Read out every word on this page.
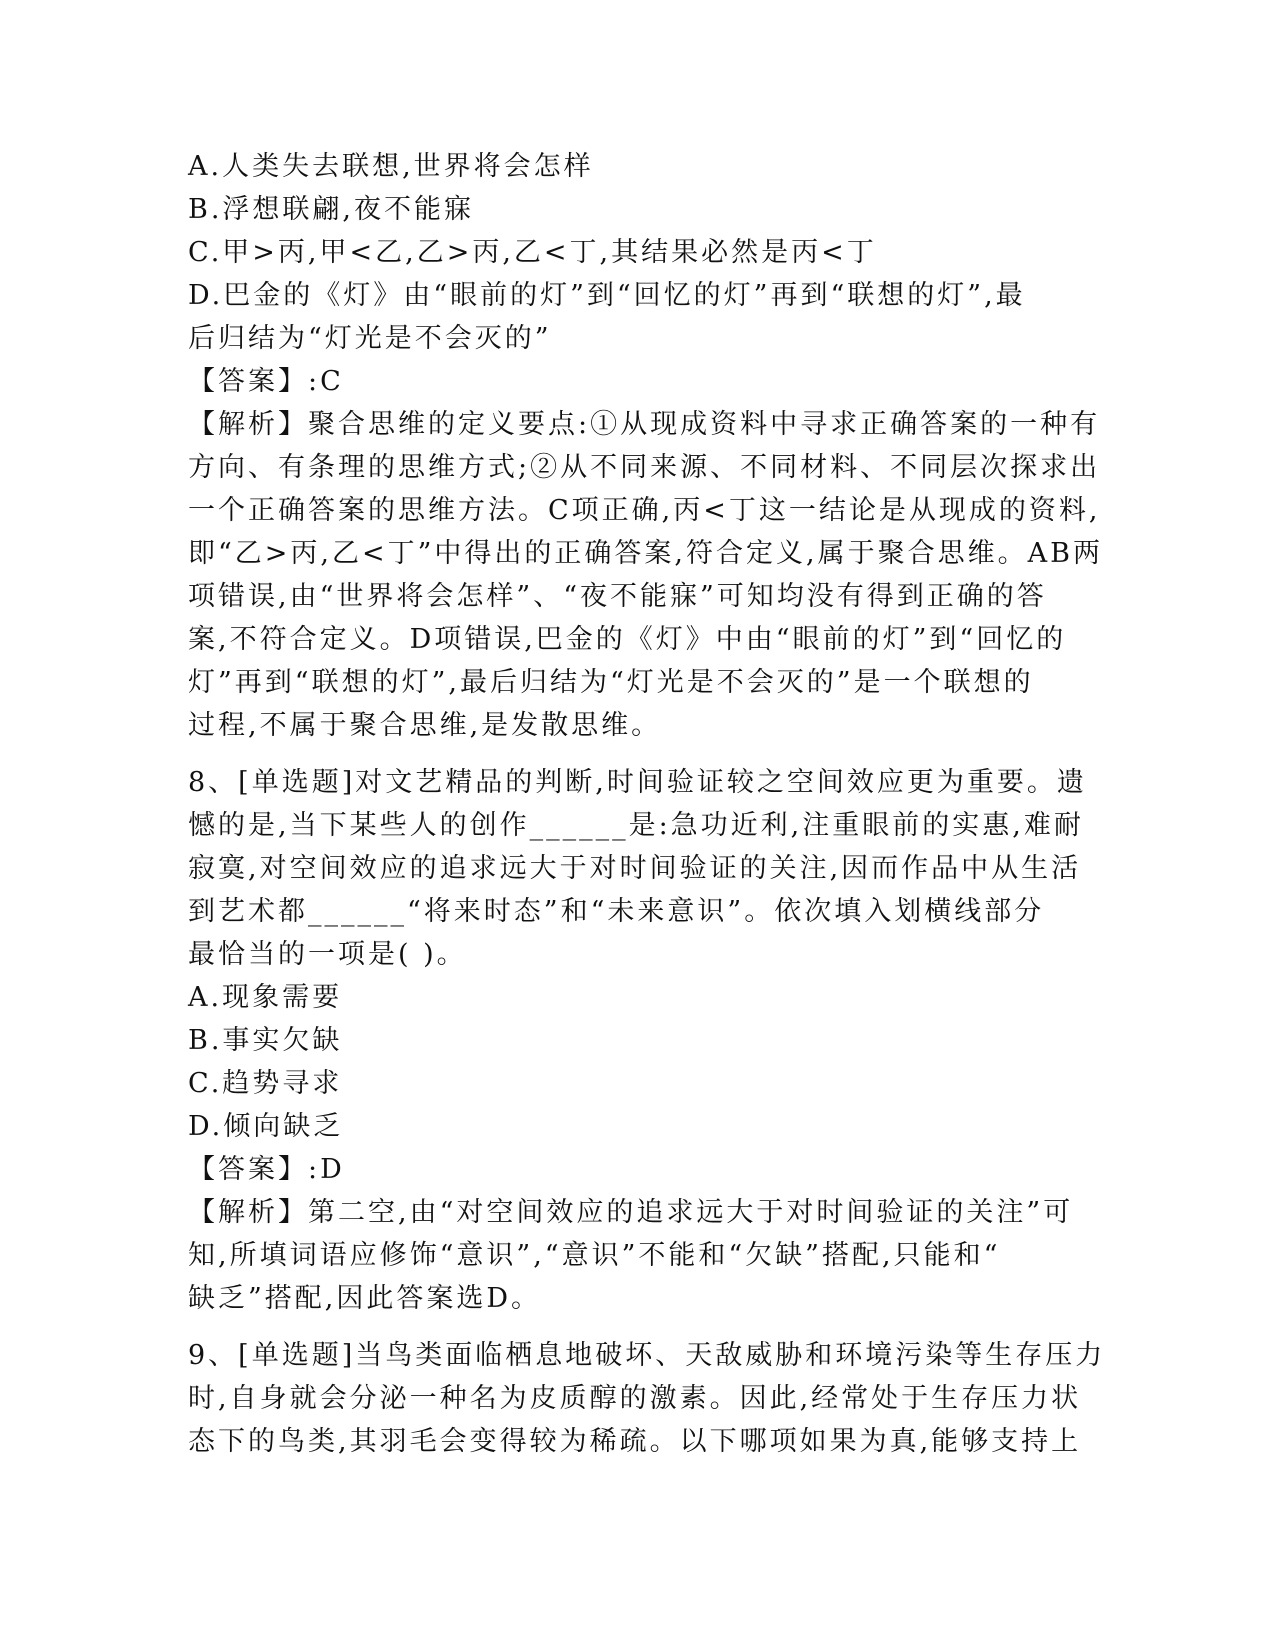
A.人类失去联想,世界将会怎样
B.浮想联翩,夜不能寐
C.甲>丙,甲<乙,乙>丙,乙<丁,其结果必然是丙<丁
D.巴金的《灯》由“眼前的灯”到“回忆的灯”再到“联想的灯”,最
后归结为“灯光是不会灭的”
【答案】:C
【解析】聚合思维的定义要点:①从现成资料中寻求正确答案的一种有
方向、有条理的思维方式;②从不同来源、不同材料、不同层次探求出
一个正确答案的思维方法。C项正确,丙<丁这一结论是从现成的资料,
即“乙>丙,乙<丁”中得出的正确答案,符合定义,属于聚合思维。AB两
项错误,由“世界将会怎样”、“夜不能寐”可知均没有得到正确的答
案,不符合定义。D项错误,巴金的《灯》中由“眼前的灯”到“回忆的
灯”再到“联想的灯”,最后归结为“灯光是不会灭的”是一个联想的
过程,不属于聚合思维,是发散思维。
8、[单选题]对文艺精品的判断,时间验证较之空间效应更为重要。遗
憾的是,当下某些人的创作______是:急功近利,注重眼前的实惠,难耐
寂寞,对空间效应的追求远大于对时间验证的关注,因而作品中从生活
到艺术都______“将来时态”和“未来意识”。依次填入划横线部分
最恰当的一项是( )。
A.现象需要
B.事实欠缺
C.趋势寻求
D.倾向缺乏
【答案】:D
【解析】第二空,由“对空间效应的追求远大于对时间验证的关注”可
知,所填词语应修饰“意识”,“意识”不能和“欠缺”搭配,只能和“
缺乏”搭配,因此答案选D。
9、[单选题]当鸟类面临栖息地破坏、天敌威胁和环境污染等生存压力
时,自身就会分泌一种名为皮质醇的激素。因此,经常处于生存压力状
态下的鸟类,其羽毛会变得较为稀疏。以下哪项如果为真,能够支持上
